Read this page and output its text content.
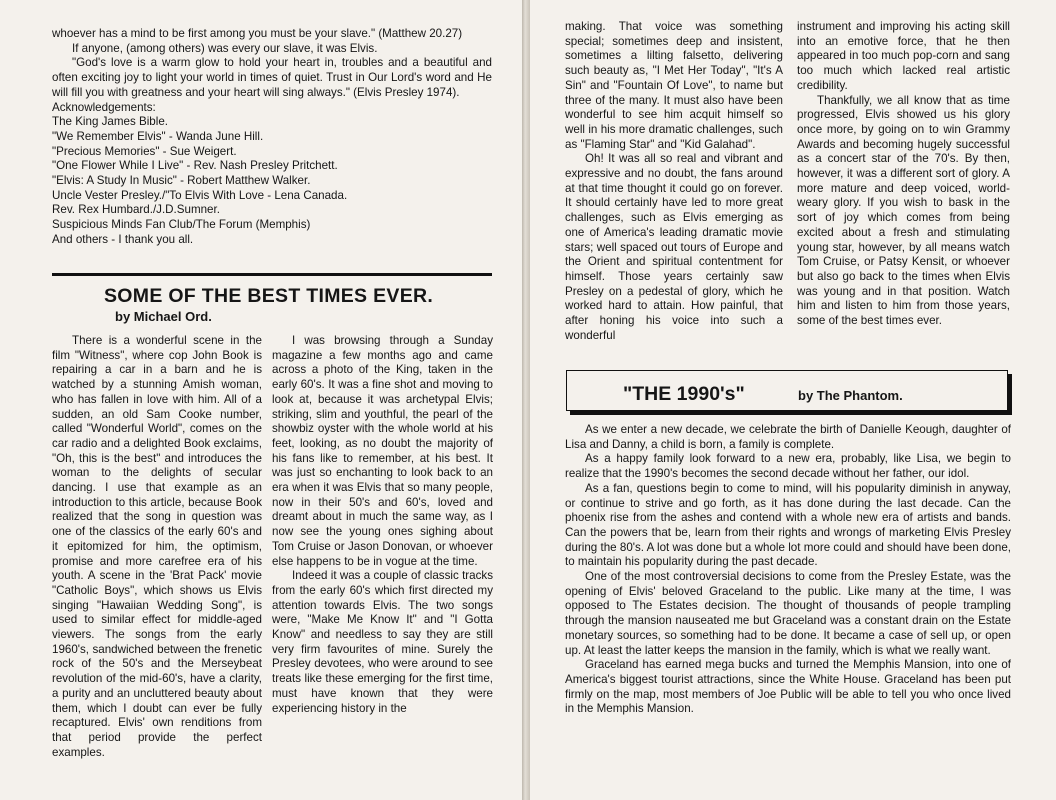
whoever has a mind to be first among you must be your slave." (Matthew 20.27)

If anyone, (among others) was every our slave, it was Elvis.

"God's love is a warm glow to hold your heart in, troubles and a beautiful and often exciting joy to light your world in times of quiet. Trust in Our Lord's word and He will fill you with greatness and your heart will sing always." (Elvis Presley 1974).

Acknowledgements:

The King James Bible.

"We Remember Elvis" - Wanda June Hill.

"Precious Memories" - Sue Weigert.

"One Flower While I Live" - Rev. Nash Presley Pritchett.

"Elvis: A Study In Music" - Robert Matthew Walker.

Uncle Vester Presley./"To Elvis With Love - Lena Canada.

Rev. Rex Humbard./J.D.Sumner.

Suspicious Minds Fan Club/The Forum (Memphis)

And others - I thank you all.

SOME OF THE BEST TIMES EVER.
by Michael Ord.

There is a wonderful scene in the film "Witness", where cop John Book is repairing a car in a barn and he is watched by a stunning Amish woman, who has fallen in love with him. All of a sudden, an old Sam Cooke number, called "Wonderful World", comes on the car radio and a delighted Book exclaims, "Oh, this is the best" and introduces the woman to the delights of secular dancing. I use that example as an introduction to this article, because Book realized that the song in question was one of the classics of the early 60's and it epitomized for him, the optimism, promise and more carefree era of his youth. A scene in the 'Brat Pack' movie "Catholic Boys", which shows us Elvis singing "Hawaiian Wedding Song", is used to similar effect for middle-aged viewers. The songs from the early 1960's, sandwiched between the frenetic rock of the 50's and the Merseybeat revolution of the mid-60's, have a clarity, a purity and an uncluttered beauty about them, which I doubt can ever be fully recaptured. Elvis' own renditions from that period provide the perfect examples.

I was browsing through a Sunday magazine a few months ago and came across a photo of the King, taken in the early 60's. It was a fine shot and moving to look at, because it was archetypal Elvis; striking, slim and youthful, the pearl of the showbiz oyster with the whole world at his feet, looking, as no doubt the majority of his fans like to remember, at his best. It was just so enchanting to look back to an era when it was Elvis that so many people, now in their 50's and 60's, loved and dreamt about in much the same way, as I now see the young ones sighing about Tom Cruise or Jason Donovan, or whoever else happens to be in vogue at the time.

Indeed it was a couple of classic tracks from the early 60's which first directed my attention towards Elvis. The two songs were, "Make Me Know It" and "I Gotta Know" and needless to say they are still very firm favourites of mine. Surely the Presley devotees, who were around to see treats like these emerging for the first time, must have known that they were experiencing history in the

making. That voice was something special; sometimes deep and insistent, sometimes a lilting falsetto, delivering such beauty as, "I Met Her Today", "It's A Sin" and "Fountain Of Love", to name but three of the many. It must also have been wonderful to see him acquit himself so well in his more dramatic challenges, such as "Flaming Star" and "Kid Galahad".

Oh! It was all so real and vibrant and expressive and no doubt, the fans around at that time thought it could go on forever. It should certainly have led to more great challenges, such as Elvis emerging as one of America's leading dramatic movie stars; well spaced out tours of Europe and the Orient and spiritual contentment for himself. Those years certainly saw Presley on a pedestal of glory, which he worked hard to attain. How painful, that after honing his voice into such a wonderful

instrument and improving his acting skill into an emotive force, that he then appeared in too much pop-corn and sang too much which lacked real artistic credibility.

Thankfully, we all know that as time progressed, Elvis showed us his glory once more, by going on to win Grammy Awards and becoming hugely successful as a concert star of the 70's. By then, however, it was a different sort of glory. A more mature and deep voiced, world-weary glory. If you wish to bask in the sort of joy which comes from being excited about a fresh and stimulating young star, however, by all means watch Tom Cruise, or Patsy Kensit, or whoever but also go back to the times when Elvis was young and in that position. Watch him and listen to him from those years, some of the best times ever.

"THE 1990's"	by The Phantom.

As we enter a new decade, we celebrate the birth of Danielle Keough, daughter of Lisa and Danny, a child is born, a family is complete.

As a happy family look forward to a new era, probably, like Lisa, we begin to realize that the 1990's becomes the second decade without her father, our idol.

As a fan, questions begin to come to mind, will his popularity diminish in anyway, or continue to strive and go forth, as it has done during the last decade. Can the phoenix rise from the ashes and contend with a whole new era of artists and bands. Can the powers that be, learn from their rights and wrongs of marketing Elvis Presley during the 80's. A lot was done but a whole lot more could and should have been done, to maintain his popularity during the past decade.

One of the most controversial decisions to come from the Presley Estate, was the opening of Elvis' beloved Graceland to the public. Like many at the time, I was opposed to The Estates decision. The thought of thousands of people trampling through the mansion nauseated me but Graceland was a constant drain on the Estate monetary sources, so something had to be done. It became a case of sell up, or open up. At least the latter keeps the mansion in the family, which is what we really want.

Graceland has earned mega bucks and turned the Memphis Mansion, into one of America's biggest tourist attractions, since the White House. Graceland has been put firmly on the map, most members of Joe Public will be able to tell you who once lived in the Memphis Mansion.
